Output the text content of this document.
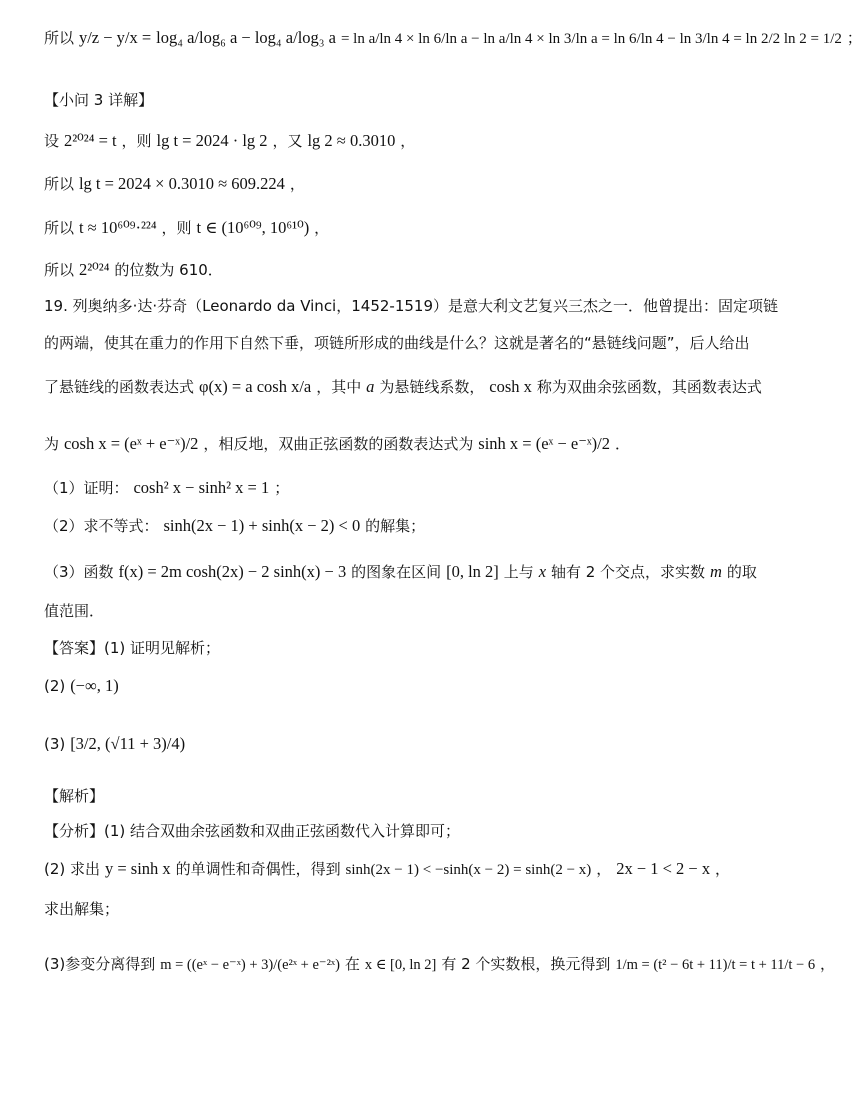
所以 y/z − y/x = log₄ a/log₆ a − log₄ a/log₃ a = ln a/ln 4 × ln 6/ln a − ln a/ln 4 × ln 3/ln a = ln 6/ln 4 − ln 3/ln 4 = ln 2/2 ln 2 = 1/2 ；
【小问 3 详解】
设 2²⁰²⁴ = t ，则 lg t = 2024 · lg 2 ，又 lg 2 ≈ 0.3010 ，
所以 lg t = 2024 × 0.3010 ≈ 609.224 ，
所以 t ≈ 10⁶⁰⁹·²²⁴ ，则 t ∈ (10⁶⁰⁹, 10⁶¹⁰) ，
所以 2²⁰²⁴ 的位数为 610．
19. 列奥纳多·达·芬奇（Leonardo da Vinci，1452-1519）是意大利文艺复兴三杰之一．他曾提出：固定项链
的两端，使其在重力的作用下自然下垂，项链所形成的曲线是什么？这就是著名的“悬链线问题”，后人给出
了悬链线的函数表达式 φ(x) = a cosh x/a ，其中 a 为悬链线系数， cosh x 称为双曲余弦函数，其函数表达式
为 cosh x = (eˣ + e⁻ˣ)/2 ，相反地，双曲正弦函数的函数表达式为 sinh x = (eˣ − e⁻ˣ)/2 ．
（1）证明： cosh² x − sinh² x = 1 ；
（2）求不等式： sinh(2x − 1) + sinh(x − 2) < 0 的解集；
（3）函数 f(x) = 2m cosh(2x) − 2 sinh(x) − 3 的图象在区间 [0, ln 2] 上与 x 轴有 2 个交点，求实数 m 的取
值范围．
【答案】(1) 证明见解析；
(2) (−∞, 1)
(3) [3/2, (√11 + 3)/4)
【解析】
【分析】(1) 结合双曲余弦函数和双曲正弦函数代入计算即可；
(2) 求出 y = sinh x 的单调性和奇偶性，得到 sinh(2x − 1) < −sinh(x − 2) = sinh(2 − x) ， 2x − 1 < 2 − x ，
求出解集；
(3)参变分离得到 m = ((eˣ − e⁻ˣ) + 3)/(e²ˣ + e⁻²ˣ) 在 x ∈ [0, ln 2] 有 2 个实数根，换元得到 1/m = (t² − 6t + 11)/t = t + 11/t − 6 ，
